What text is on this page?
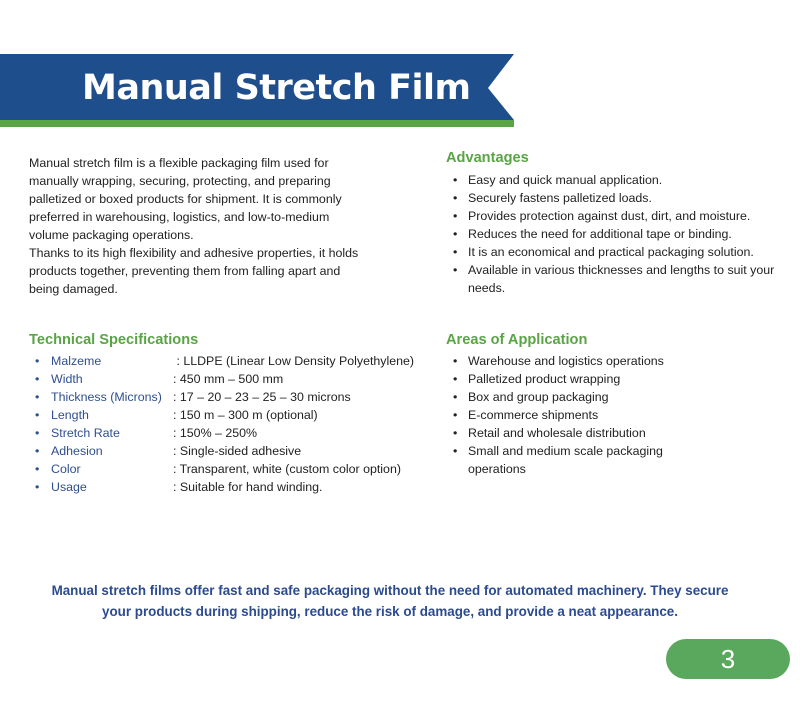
Manual Stretch Film

Manual stretch film is a flexible packaging film used for manually wrapping, securing, protecting, and preparing palletized or boxed products for shipment. It is commonly preferred in warehousing, logistics, and low-to-medium volume packaging operations.

Thanks to its high flexibility and adhesive properties, it holds products together, preventing them from falling apart and being damaged.

Advantages
• Easy and quick manual application.
• Securely fastens palletized loads.
• Provides protection against dust, dirt, and moisture.
• Reduces the need for additional tape or binding.
• It is an economical and practical packaging solution.
• Available in various thicknesses and lengths to suit your needs.
Technical Specifications
• Malzeme	: LLDPE (Linear Low Density Polyethylene)
• Width	: 450 mm – 500 mm
• Thickness (Microns) : 17 – 20 – 23 – 25 – 30 microns
• Length	: 150 m – 300 m (optional)
• Stretch Rate	: 150% – 250%
• Adhesion	: Single-sided adhesive
• Color	: Transparent, white (custom color option)
• Usage	: Suitable for hand winding.
Areas of Application
• Warehouse and logistics operations
• Palletized product wrapping
• Box and group packaging
• E-commerce shipments
• Retail and wholesale distribution
• Small and medium scale packaging operations
Manual stretch films offer fast and safe packaging without the need for automated machinery. They secure your products during shipping, reduce the risk of damage, and provide a neat appearance.
3
